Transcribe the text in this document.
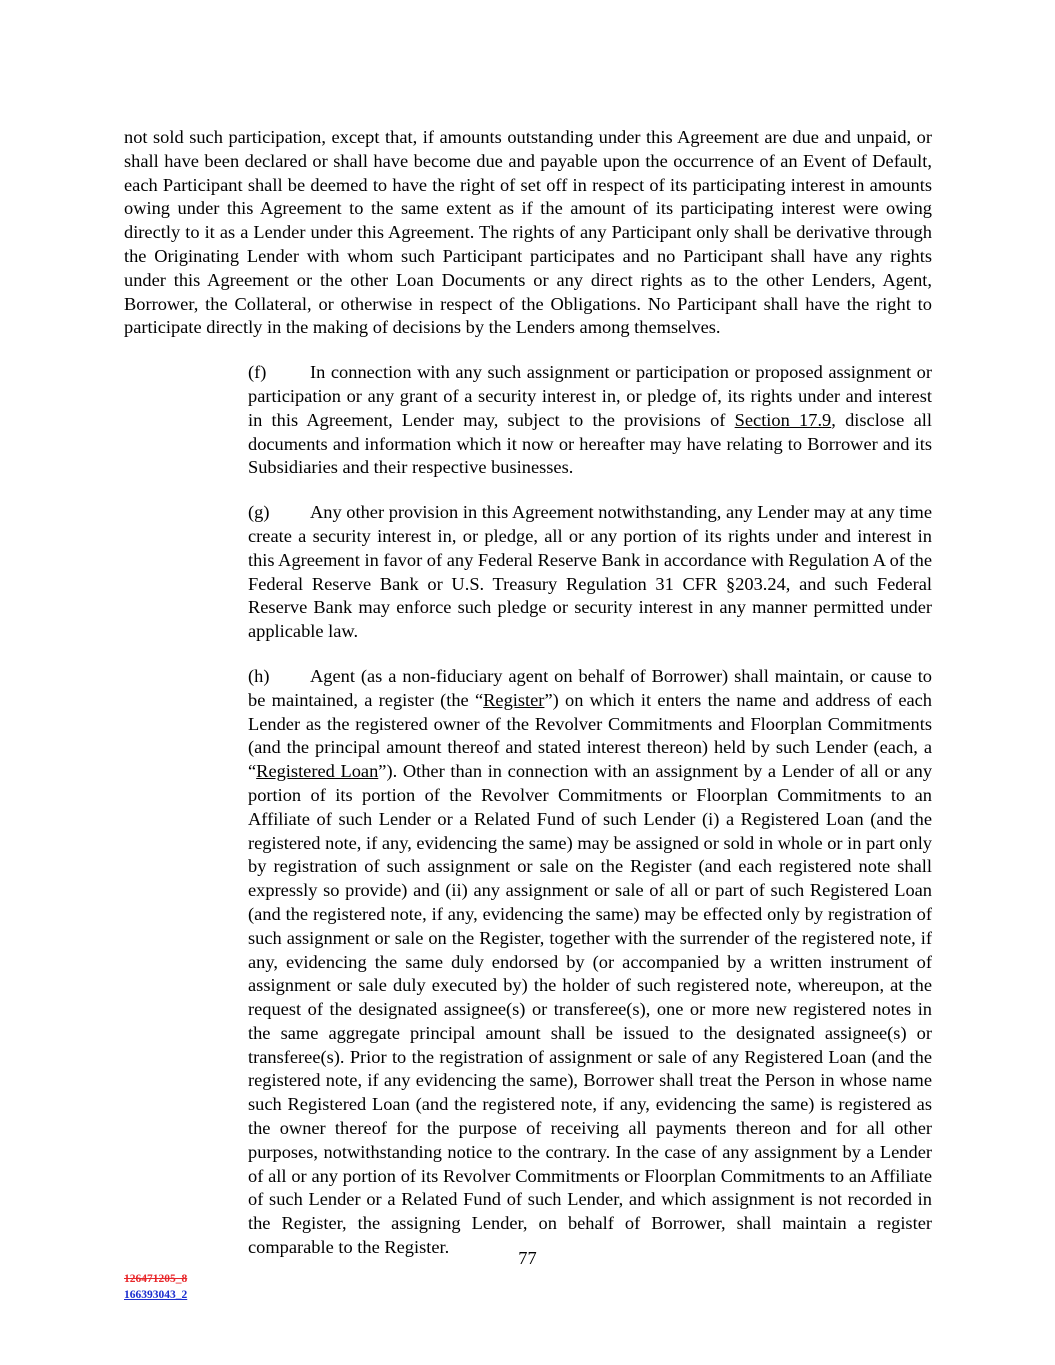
not sold such participation, except that, if amounts outstanding under this Agreement are due and unpaid, or shall have been declared or shall have become due and payable upon the occurrence of an Event of Default, each Participant shall be deemed to have the right of set off in respect of its participating interest in amounts owing under this Agreement to the same extent as if the amount of its participating interest were owing directly to it as a Lender under this Agreement. The rights of any Participant only shall be derivative through the Originating Lender with whom such Participant participates and no Participant shall have any rights under this Agreement or the other Loan Documents or any direct rights as to the other Lenders, Agent, Borrower, the Collateral, or otherwise in respect of the Obligations. No Participant shall have the right to participate directly in the making of decisions by the Lenders among themselves.

(f) In connection with any such assignment or participation or proposed assignment or participation or any grant of a security interest in, or pledge of, its rights under and interest in this Agreement, Lender may, subject to the provisions of Section 17.9, disclose all documents and information which it now or hereafter may have relating to Borrower and its Subsidiaries and their respective businesses.

(g) Any other provision in this Agreement notwithstanding, any Lender may at any time create a security interest in, or pledge, all or any portion of its rights under and interest in this Agreement in favor of any Federal Reserve Bank in accordance with Regulation A of the Federal Reserve Bank or U.S. Treasury Regulation 31 CFR §203.24, and such Federal Reserve Bank may enforce such pledge or security interest in any manner permitted under applicable law.

(h) Agent (as a non-fiduciary agent on behalf of Borrower) shall maintain, or cause to be maintained, a register (the “Register”) on which it enters the name and address of each Lender as the registered owner of the Revolver Commitments and Floorplan Commitments (and the principal amount thereof and stated interest thereon) held by such Lender (each, a “Registered Loan”). Other than in connection with an assignment by a Lender of all or any portion of its portion of the Revolver Commitments or Floorplan Commitments to an Affiliate of such Lender or a Related Fund of such Lender (i) a Registered Loan (and the registered note, if any, evidencing the same) may be assigned or sold in whole or in part only by registration of such assignment or sale on the Register (and each registered note shall expressly so provide) and (ii) any assignment or sale of all or part of such Registered Loan (and the registered note, if any, evidencing the same) may be effected only by registration of such assignment or sale on the Register, together with the surrender of the registered note, if any, evidencing the same duly endorsed by (or accompanied by a written instrument of assignment or sale duly executed by) the holder of such registered note, whereupon, at the request of the designated assignee(s) or transferee(s), one or more new registered notes in the same aggregate principal amount shall be issued to the designated assignee(s) or transferee(s). Prior to the registration of assignment or sale of any Registered Loan (and the registered note, if any evidencing the same), Borrower shall treat the Person in whose name such Registered Loan (and the registered note, if any, evidencing the same) is registered as the owner thereof for the purpose of receiving all payments thereon and for all other purposes, notwithstanding notice to the contrary. In the case of any assignment by a Lender of all or any portion of its Revolver Commitments or Floorplan Commitments to an Affiliate of such Lender or a Related Fund of such Lender, and which assignment is not recorded in the Register, the assigning Lender, on behalf of Borrower, shall maintain a register comparable to the Register.

77
126471205_8
166393043_2
